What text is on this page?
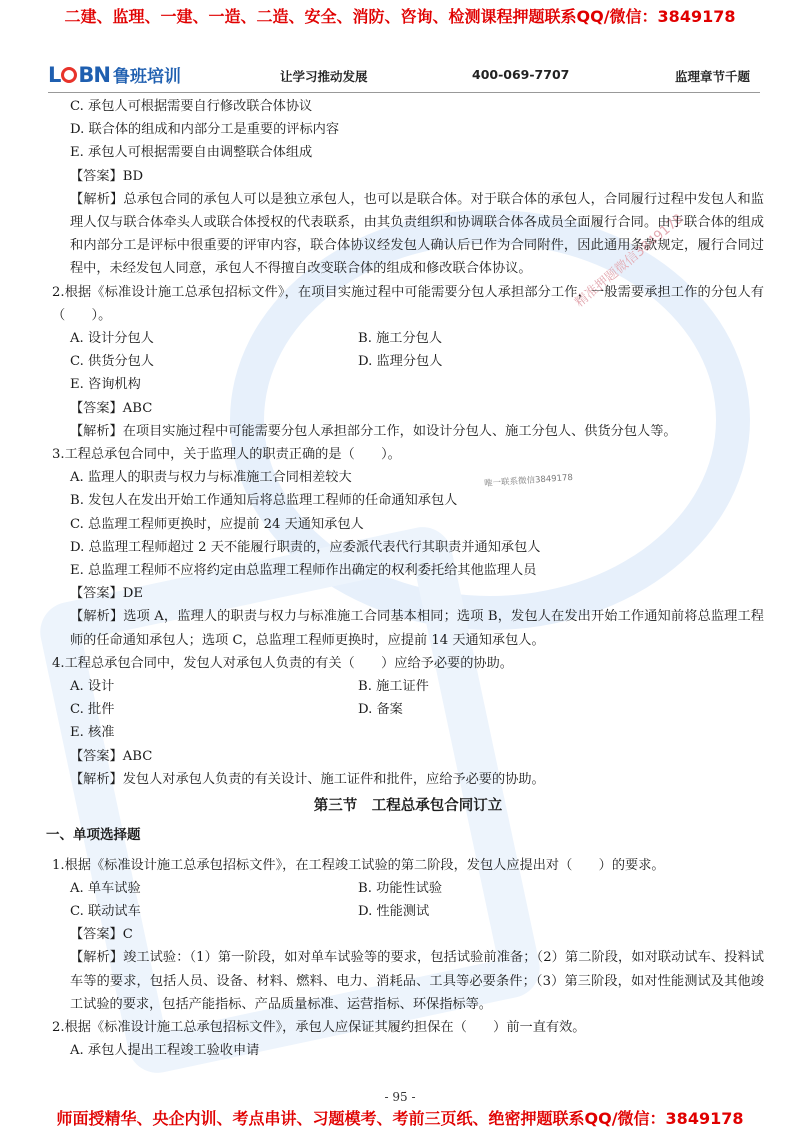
二建、监理、一建、一造、二造、安全、消防、咨询、检测课程押题联系QQ/微信：3849178
L BN 鲁班培训	让学习推动发展	400-069-7707	监理章节千题
精准押题微信3849178
唯一联系微信3849178

C. 承包人可根据需要自行修改联合体协议

D. 联合体的组成和内部分工是重要的评标内容

E. 承包人可根据需要自由调整联合体组成

【答案】BD

【解析】总承包合同的承包人可以是独立承包人，也可以是联合体。对于联合体的承包人，合同履行过程中发包人和监理人仅与联合体牵头人或联合体授权的代表联系，由其负责组织和协调联合体各成员全面履行合同。由于联合体的组成和内部分工是评标中很重要的评审内容，联合体协议经发包人确认后已作为合同附件，因此通用条款规定，履行合同过程中，未经发包人同意，承包人不得擅自改变联合体的组成和修改联合体协议。

2.根据《标准设计施工总承包招标文件》，在项目实施过程中可能需要分包人承担部分工作，一般需要承担工作的分包人有（　　）。

A. 设计分包人	B. 施工分包人
C. 供货分包人	D. 监理分包人

E. 咨询机构

【答案】ABC

【解析】在项目实施过程中可能需要分包人承担部分工作，如设计分包人、施工分包人、供货分包人等。

3.工程总承包合同中，关于监理人的职责正确的是（　　）。

A. 监理人的职责与权力与标准施工合同相差较大

B. 发包人在发出开始工作通知后将总监理工程师的任命通知承包人

C. 总监理工程师更换时，应提前 24 天通知承包人

D. 总监理工程师超过 2 天不能履行职责的，应委派代表代行其职责并通知承包人

E. 总监理工程师不应将约定由总监理工程师作出确定的权利委托给其他监理人员

【答案】DE

【解析】选项 A，监理人的职责与权力与标准施工合同基本相同；选项 B，发包人在发出开始工作通知前将总监理工程师的任命通知承包人；选项 C，总监理工程师更换时，应提前 14 天通知承包人。

4.工程总承包合同中，发包人对承包人负责的有关（　　）应给予必要的协助。

A. 设计	B. 施工证件
C. 批件	D. 备案

E. 核准

【答案】ABC

【解析】发包人对承包人负责的有关设计、施工证件和批件，应给予必要的协助。

第三节　工程总承包合同订立

一、单项选择题

1.根据《标准设计施工总承包招标文件》，在工程竣工试验的第二阶段，发包人应提出对（　　）的要求。

A. 单车试验	B. 功能性试验
C. 联动试车	D. 性能测试

【答案】C

【解析】竣工试验：（1）第一阶段，如对单车试验等的要求，包括试验前准备；（2）第二阶段，如对联动试车、投料试车等的要求，包括人员、设备、材料、燃料、电力、消耗品、工具等必要条件；（3）第三阶段，如对性能测试及其他竣工试验的要求，包括产能指标、产品质量标准、运营指标、环保指标等。

2.根据《标准设计施工总承包招标文件》，承包人应保证其履约担保在（　　）前一直有效。

A. 承包人提出工程竣工验收申请

- 95 -
师面授精华、央企内训、考点串讲、习题模考、考前三页纸、绝密押题联系QQ/微信：3849178
